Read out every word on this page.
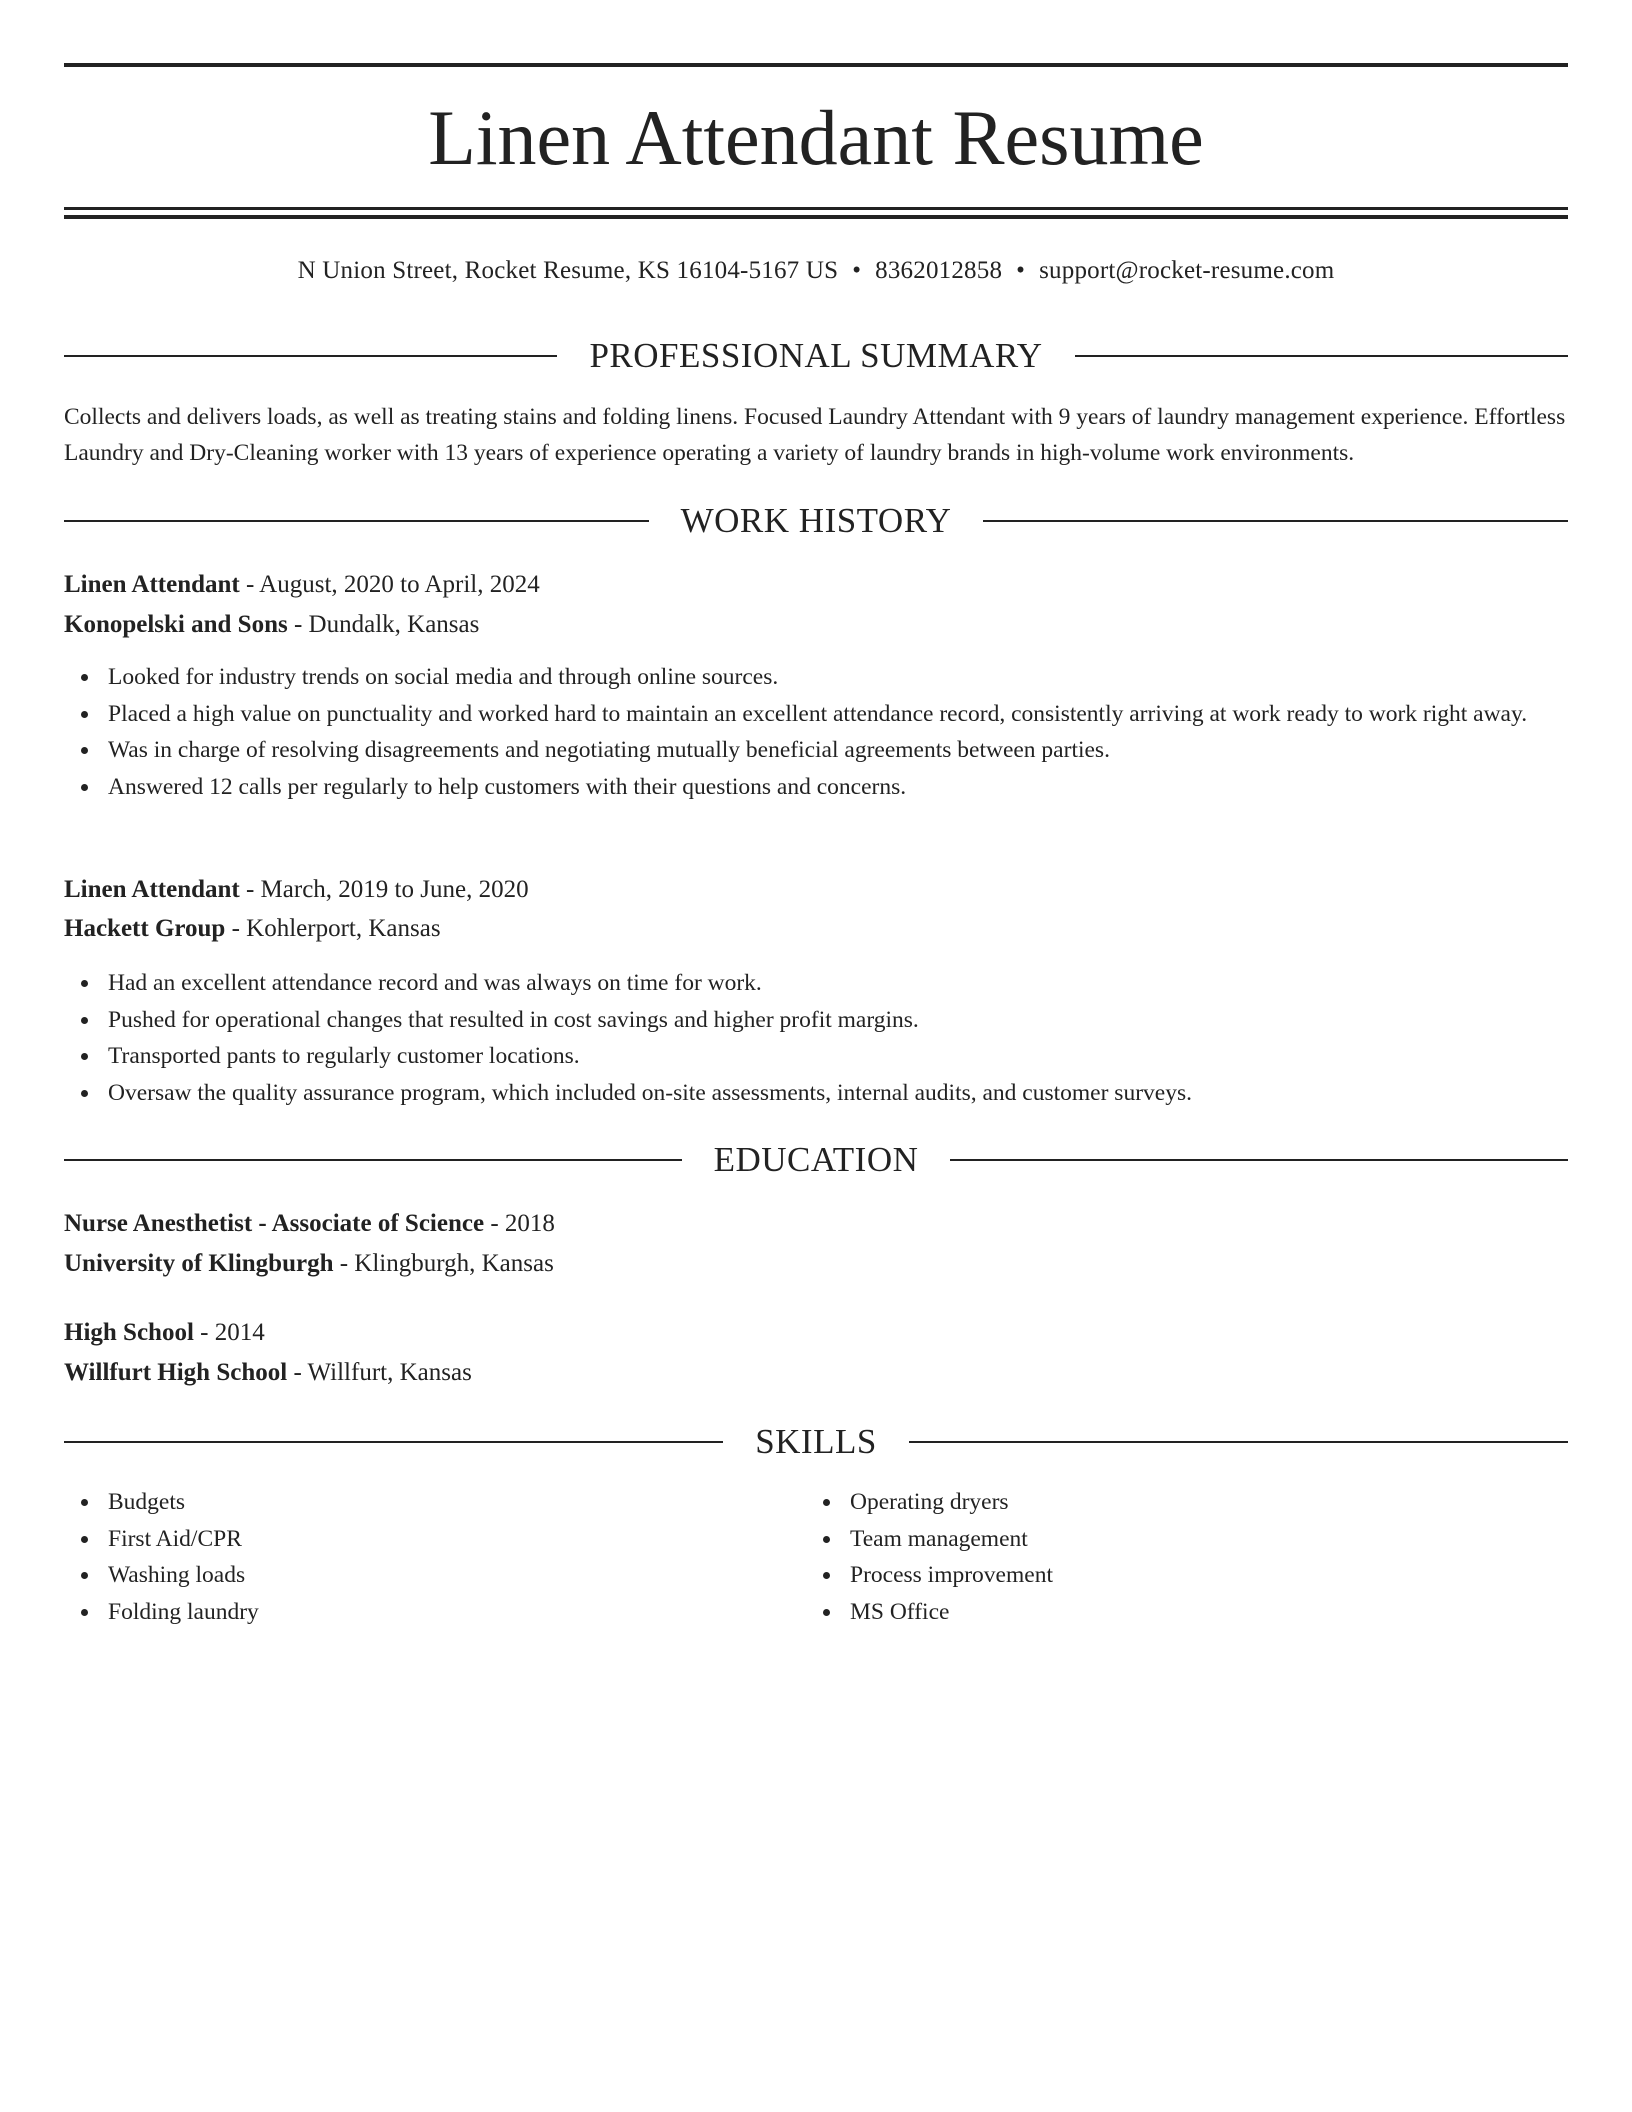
Linen Attendant Resume
N Union Street, Rocket Resume, KS 16104-5167 US • 8362012858 • support@rocket-resume.com
PROFESSIONAL SUMMARY

Collects and delivers loads, as well as treating stains and folding linens. Focused Laundry Attendant with 9 years of laundry management experience. Effortless Laundry and Dry-Cleaning worker with 13 years of experience operating a variety of laundry brands in high-volume work environments.

WORK HISTORY
Linen Attendant - August, 2020 to April, 2024
Konopelski and Sons - Dundalk, Kansas
Looked for industry trends on social media and through online sources.
Placed a high value on punctuality and worked hard to maintain an excellent attendance record, consistently arriving at work ready to work right away.
Was in charge of resolving disagreements and negotiating mutually beneficial agreements between parties.
Answered 12 calls per regularly to help customers with their questions and concerns.
Linen Attendant - March, 2019 to June, 2020
Hackett Group - Kohlerport, Kansas
Had an excellent attendance record and was always on time for work.
Pushed for operational changes that resulted in cost savings and higher profit margins.
Transported pants to regularly customer locations.
Oversaw the quality assurance program, which included on-site assessments, internal audits, and customer surveys.
EDUCATION
Nurse Anesthetist - Associate of Science - 2018
University of Klingburgh - Klingburgh, Kansas
High School - 2014
Willfurt High School - Willfurt, Kansas
SKILLS
Budgets
First Aid/CPR
Washing loads
Folding laundry
Operating dryers
Team management
Process improvement
MS Office
